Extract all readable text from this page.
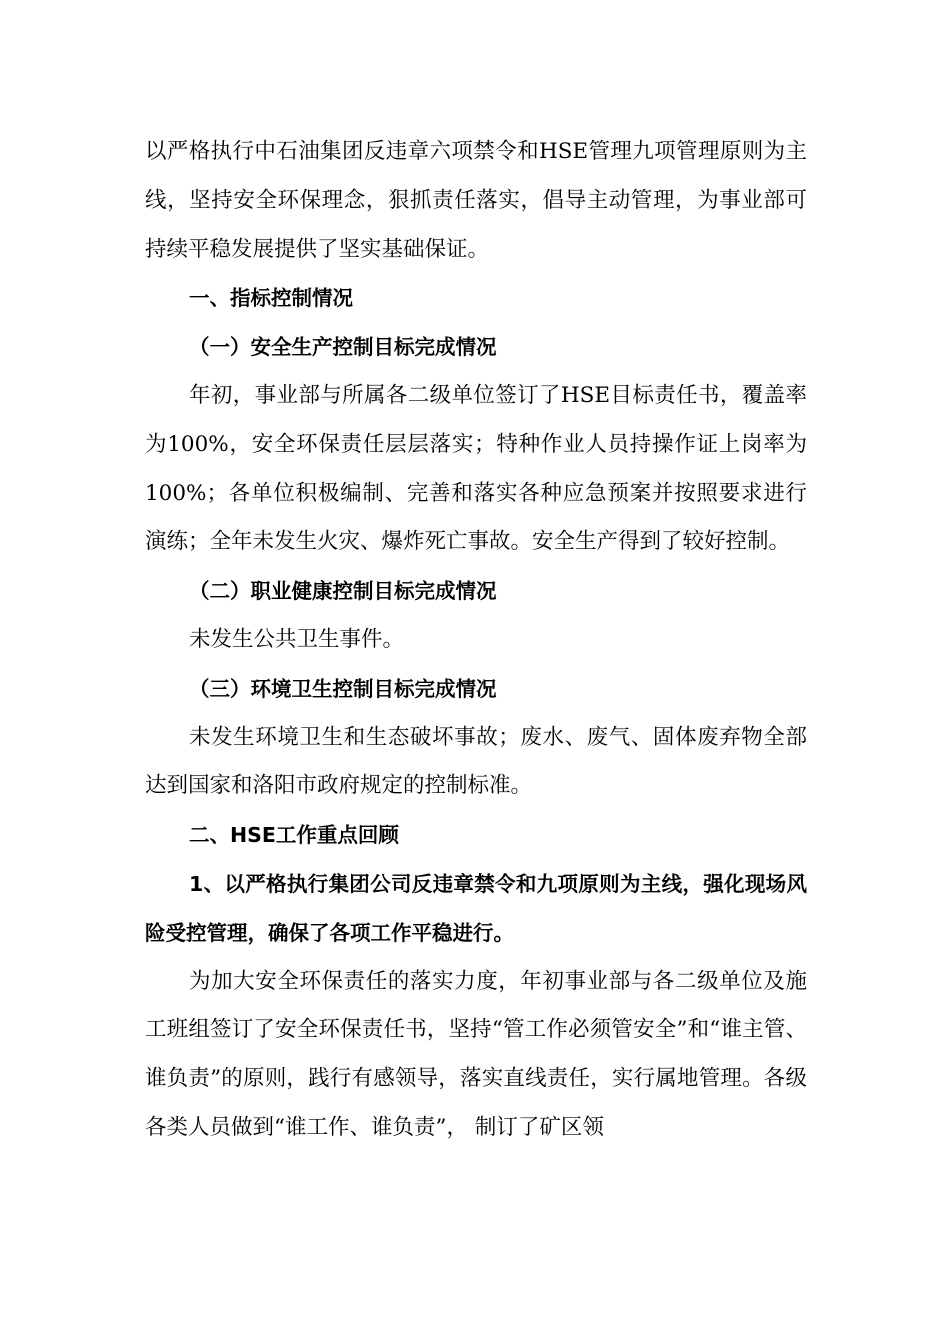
以严格执行中石油集团反违章六项禁令和HSE管理九项管理原则为主线，坚持安全环保理念，狠抓责任落实，倡导主动管理，为事业部可持续平稳发展提供了坚实基础保证。

一、指标控制情况

（一）安全生产控制目标完成情况

年初，事业部与所属各二级单位签订了HSE目标责任书，覆盖率为100%，安全环保责任层层落实；特种作业人员持操作证上岗率为100%；各单位积极编制、完善和落实各种应急预案并按照要求进行演练；全年未发生火灾、爆炸死亡事故。安全生产得到了较好控制。

（二）职业健康控制目标完成情况

未发生公共卫生事件。

（三）环境卫生控制目标完成情况

未发生环境卫生和生态破坏事故；废水、废气、固体废弃物全部达到国家和洛阳市政府规定的控制标准。

二、HSE工作重点回顾

1、以严格执行集团公司反违章禁令和九项原则为主线，强化现场风险受控管理，确保了各项工作平稳进行。

为加大安全环保责任的落实力度，年初事业部与各二级单位及施工班组签订了安全环保责任书，坚持“管工作必须管安全”和“谁主管、谁负责”的原则，践行有感领导，落实直线责任，实行属地管理。各级各类人员做到“谁工作、谁负责”， 制订了矿区领
